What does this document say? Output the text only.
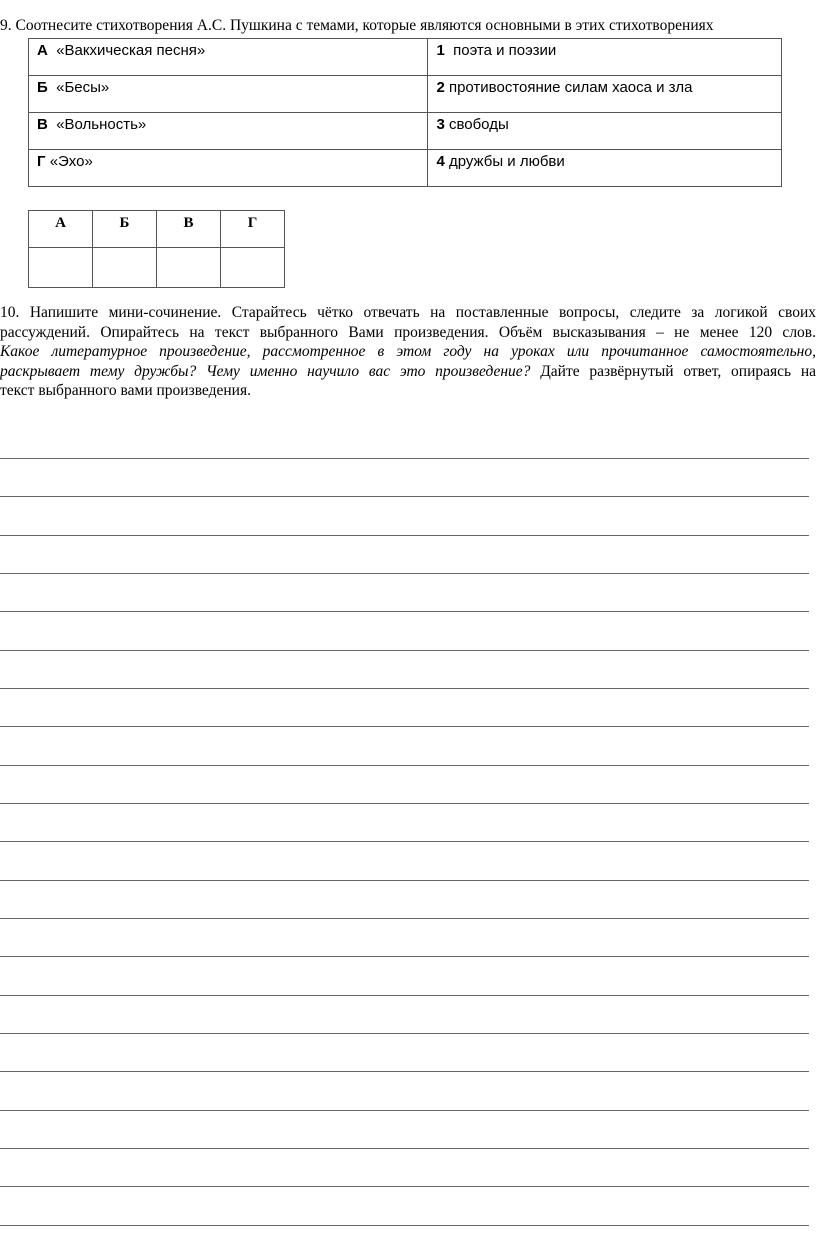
9. Соотнесите стихотворения А.С. Пушкина с темами, которые являются основными в этих стихотворениях
А «Вакхическая песня»	1 поэта и поэзии
Б «Бесы»	2 противостояние силам хаоса и зла
В «Вольность»	3 свободы
Г «Эхо»	4 дружбы и любви
А	Б	В	Г

10. Напишите мини-сочинение. Старайтесь чётко отвечать на поставленные вопросы, следите за логикой своих
рассуждений. Опирайтесь на текст выбранного Вами произведения. Объём высказывания – не менее 120 слов.
Какое литературное произведение, рассмотренное в этом году на уроках или прочитанное самостоятельно,
раскрывает тему дружбы? Чему именно научило вас это произведение? Дайте развёрнутый ответ, опираясь на
текст выбранного вами произведения.
